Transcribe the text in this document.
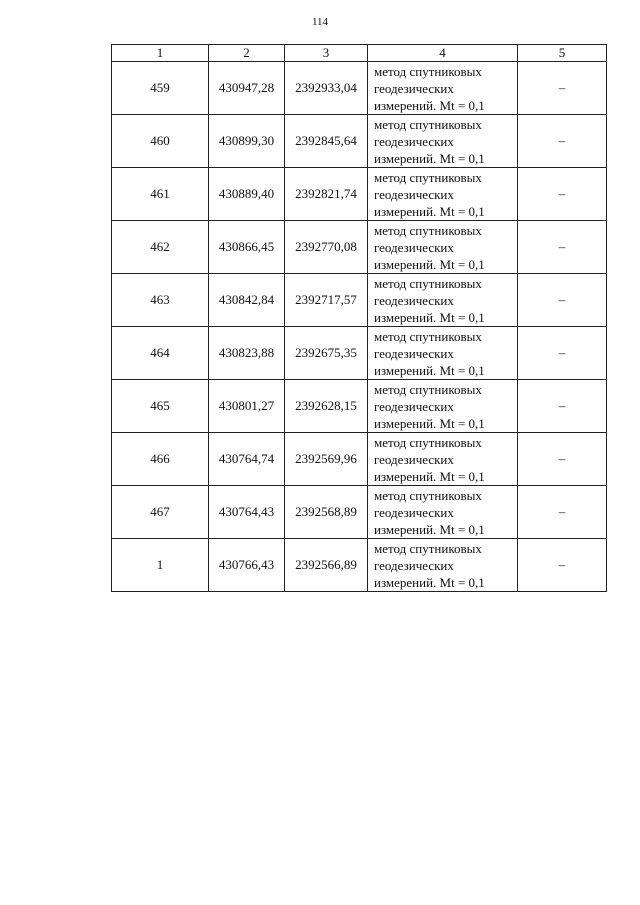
114
1	2	3	4	5
459	430947,28	2392933,04	метод спутниковых
геодезических
измерений. Mt = 0,1	–
460	430899,30	2392845,64	метод спутниковых
геодезических
измерений. Mt = 0,1	–
461	430889,40	2392821,74	метод спутниковых
геодезических
измерений. Mt = 0,1	–
462	430866,45	2392770,08	метод спутниковых
геодезических
измерений. Mt = 0,1	–
463	430842,84	2392717,57	метод спутниковых
геодезических
измерений. Mt = 0,1	–
464	430823,88	2392675,35	метод спутниковых
геодезических
измерений. Mt = 0,1	–
465	430801,27	2392628,15	метод спутниковых
геодезических
измерений. Mt = 0,1	–
466	430764,74	2392569,96	метод спутниковых
геодезических
измерений. Mt = 0,1	–
467	430764,43	2392568,89	метод спутниковых
геодезических
измерений. Mt = 0,1	–
1	430766,43	2392566,89	метод спутниковых
геодезических
измерений. Mt = 0,1	–
